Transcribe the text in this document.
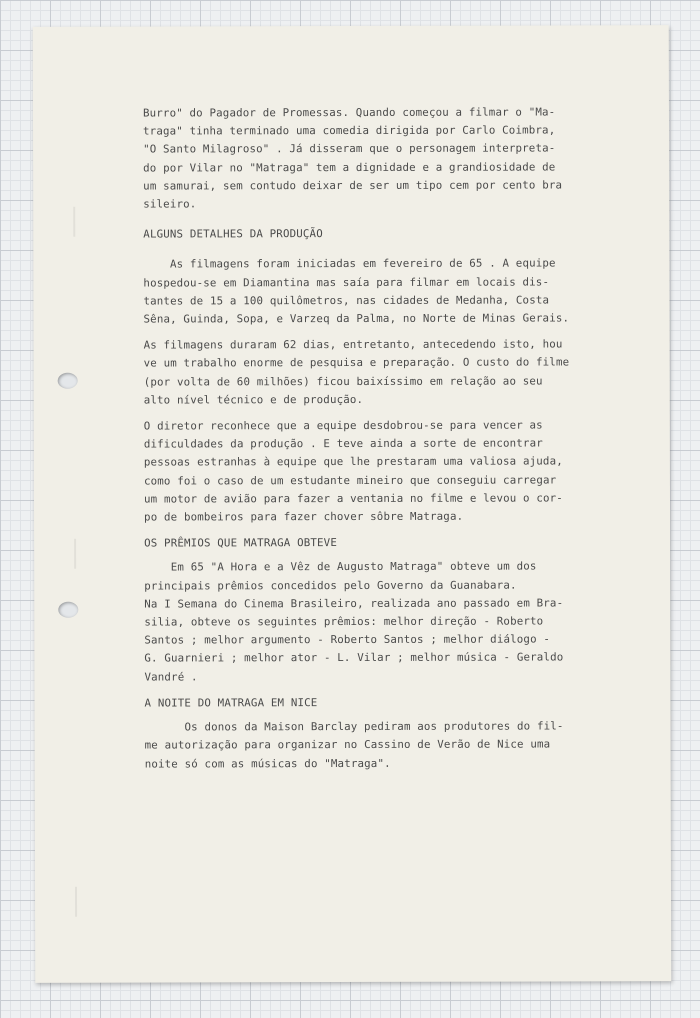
Burro" do Pagador de Promessas. Quando começou a filmar o "Ma-

traga" tinha terminado uma comedia dirigida por Carlo Coimbra,

"O Santo Milagroso" . Já disseram que o personagem interpreta-

do por Vilar no "Matraga" tem a dignidade e a grandiosidade de

um samurai, sem contudo deixar de ser um tipo cem por cento bra

sileiro.

ALGUNS DETALHES DA PRODUÇÃO

As filmagens foram iniciadas em fevereiro de 65 . A equipe

hospedou-se em Diamantina mas saía para filmar em locais dis-

tantes de 15 a 100 quilômetros, nas cidades de Medanha, Costa

Sêna, Guinda, Sopa, e Varzeq da Palma, no Norte de Minas Gerais.

As filmagens duraram 62 dias, entretanto, antecedendo isto, hou

ve um trabalho enorme de pesquisa e preparação. O custo do filme

(por volta de 60 milhões) ficou baixíssimo em relação ao seu

alto nível técnico e de produção.

O diretor reconhece que a equipe desdobrou-se para vencer as

dificuldades da produção . E teve ainda a sorte de encontrar

pessoas estranhas à equipe que lhe prestaram uma valiosa ajuda,

como foi o caso de um estudante mineiro que conseguiu carregar

um motor de avião para fazer a ventania no filme e levou o cor-

po de bombeiros para fazer chover sôbre Matraga.

OS PRÊMIOS QUE MATRAGA OBTEVE

Em 65 "A Hora e a Vêz de Augusto Matraga" obteve um dos

principais prêmios concedidos pelo Governo da Guanabara.

Na I Semana do Cinema Brasileiro, realizada ano passado em Bra-

silia, obteve os seguintes prêmios: melhor direção - Roberto

Santos ; melhor argumento - Roberto Santos ; melhor diálogo -

G. Guarnieri ; melhor ator - L. Vilar ; melhor música - Geraldo

Vandré .

A NOITE DO MATRAGA EM NICE

Os donos da Maison Barclay pediram aos produtores do fil-

me autorização para organizar no Cassino de Verão de Nice uma

noite só com as músicas do "Matraga".
